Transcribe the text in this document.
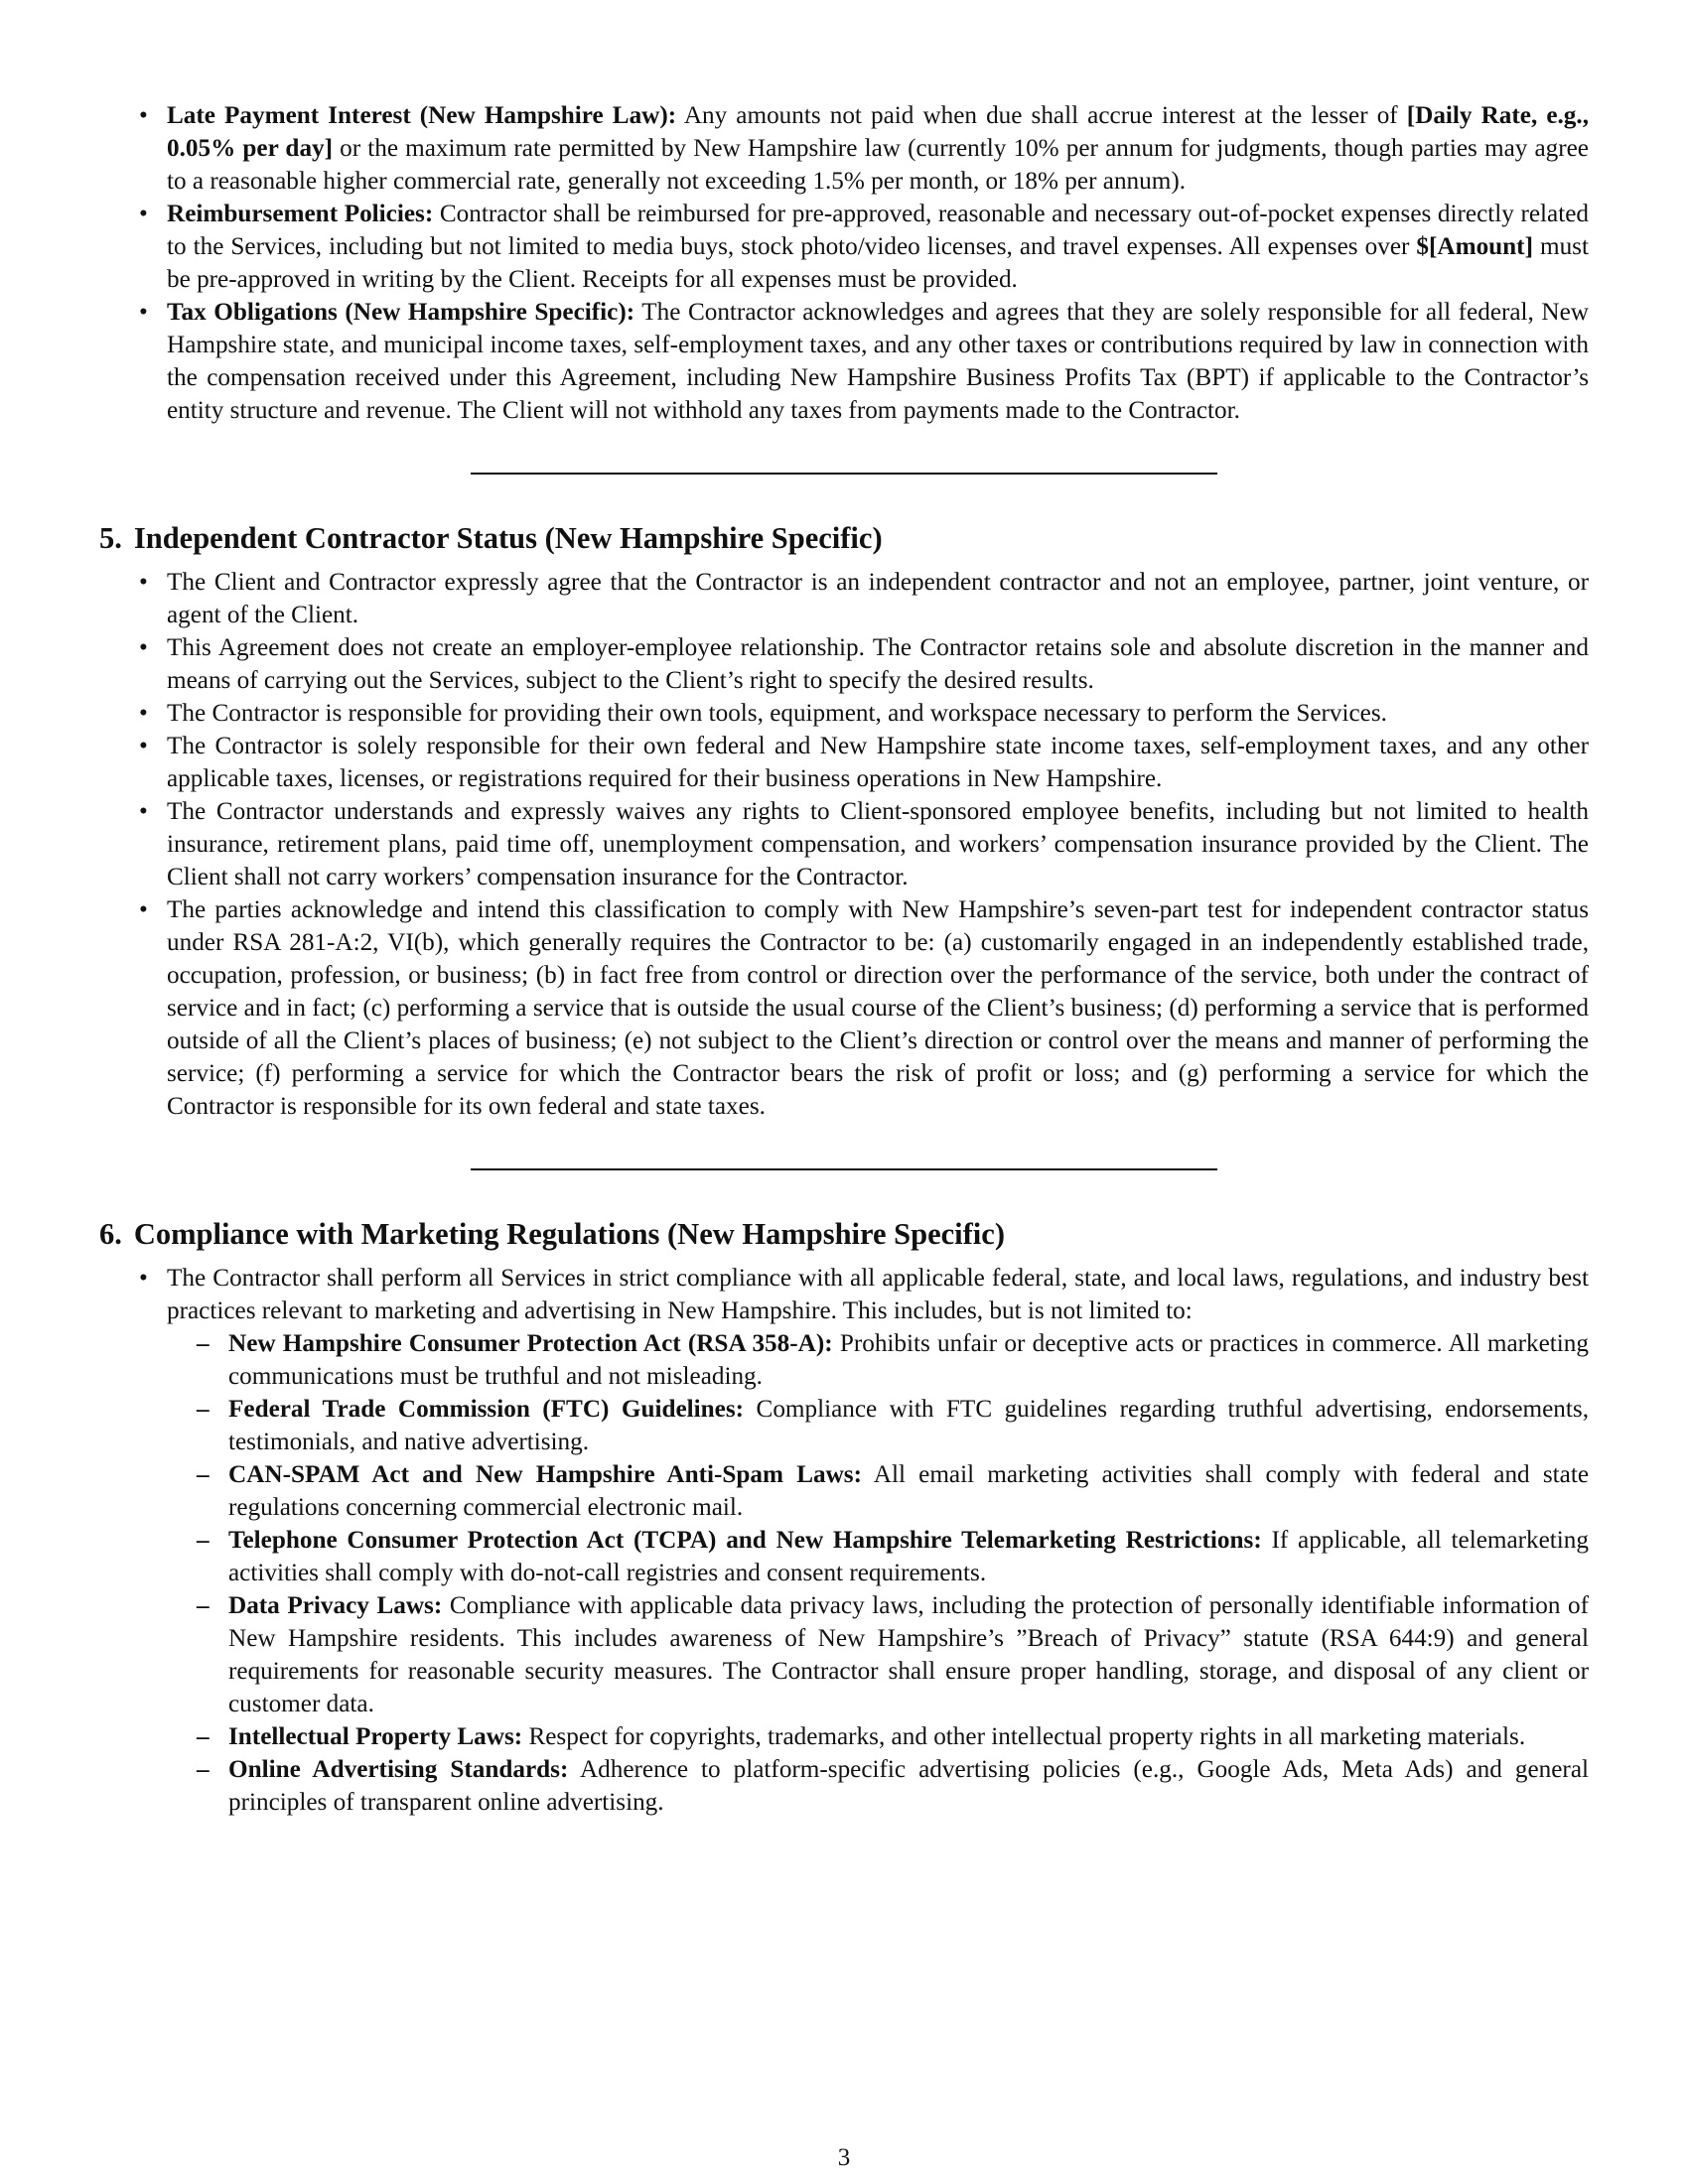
• Late Payment Interest (New Hampshire Law): Any amounts not paid when due shall accrue interest at the lesser of [Daily Rate, e.g., 0.05% per day] or the maximum rate permitted by New Hampshire law (currently 10% per annum for judgments, though parties may agree to a reasonable higher commercial rate, generally not exceeding 1.5% per month, or 18% per annum).
• Reimbursement Policies: Contractor shall be reimbursed for pre-approved, reasonable and necessary out-of-pocket expenses directly related to the Services, including but not limited to media buys, stock photo/video licenses, and travel expenses. All expenses over $[Amount] must be pre-approved in writing by the Client. Receipts for all expenses must be provided.
• Tax Obligations (New Hampshire Specific): The Contractor acknowledges and agrees that they are solely responsible for all federal, New Hampshire state, and municipal income taxes, self-employment taxes, and any other taxes or contributions required by law in connection with the compensation received under this Agreement, including New Hampshire Business Profits Tax (BPT) if applicable to the Contractor’s entity structure and revenue. The Client will not withhold any taxes from payments made to the Contractor.
5. Independent Contractor Status (New Hampshire Specific)
• The Client and Contractor expressly agree that the Contractor is an independent contractor and not an employee, partner, joint venture, or agent of the Client.
• This Agreement does not create an employer-employee relationship. The Contractor retains sole and absolute discretion in the manner and means of carrying out the Services, subject to the Client’s right to specify the desired results.
• The Contractor is responsible for providing their own tools, equipment, and workspace necessary to perform the Services.
• The Contractor is solely responsible for their own federal and New Hampshire state income taxes, self-employment taxes, and any other applicable taxes, licenses, or registrations required for their business operations in New Hampshire.
• The Contractor understands and expressly waives any rights to Client-sponsored employee benefits, including but not limited to health insurance, retirement plans, paid time off, unemployment compensation, and workers’ compensation insurance provided by the Client. The Client shall not carry workers’ compensation insurance for the Contractor.
• The parties acknowledge and intend this classification to comply with New Hampshire’s seven-part test for independent contractor status under RSA 281-A:2, VI(b), which generally requires the Contractor to be: (a) customarily engaged in an independently established trade, occupation, profession, or business; (b) in fact free from control or direction over the performance of the service, both under the contract of service and in fact; (c) performing a service that is outside the usual course of the Client’s business; (d) performing a service that is performed outside of all the Client’s places of business; (e) not subject to the Client’s direction or control over the means and manner of performing the service; (f) performing a service for which the Contractor bears the risk of profit or loss; and (g) performing a service for which the Contractor is responsible for its own federal and state taxes.
6. Compliance with Marketing Regulations (New Hampshire Specific)
• The Contractor shall perform all Services in strict compliance with all applicable federal, state, and local laws, regulations, and industry best practices relevant to marketing and advertising in New Hampshire. This includes, but is not limited to:
– New Hampshire Consumer Protection Act (RSA 358-A): Prohibits unfair or deceptive acts or practices in commerce. All marketing communications must be truthful and not misleading.
– Federal Trade Commission (FTC) Guidelines: Compliance with FTC guidelines regarding truthful advertising, endorsements, testimonials, and native advertising.
– CAN-SPAM Act and New Hampshire Anti-Spam Laws: All email marketing activities shall comply with federal and state regulations concerning commercial electronic mail.
– Telephone Consumer Protection Act (TCPA) and New Hampshire Telemarketing Restrictions: If applicable, all telemarketing activities shall comply with do-not-call registries and consent requirements.
– Data Privacy Laws: Compliance with applicable data privacy laws, including the protection of personally identifiable information of New Hampshire residents. This includes awareness of New Hampshire’s ”Breach of Privacy” statute (RSA 644:9) and general requirements for reasonable security measures. The Contractor shall ensure proper handling, storage, and disposal of any client or customer data.
– Intellectual Property Laws: Respect for copyrights, trademarks, and other intellectual property rights in all marketing materials.
– Online Advertising Standards: Adherence to platform-specific advertising policies (e.g., Google Ads, Meta Ads) and general principles of transparent online advertising.
3
